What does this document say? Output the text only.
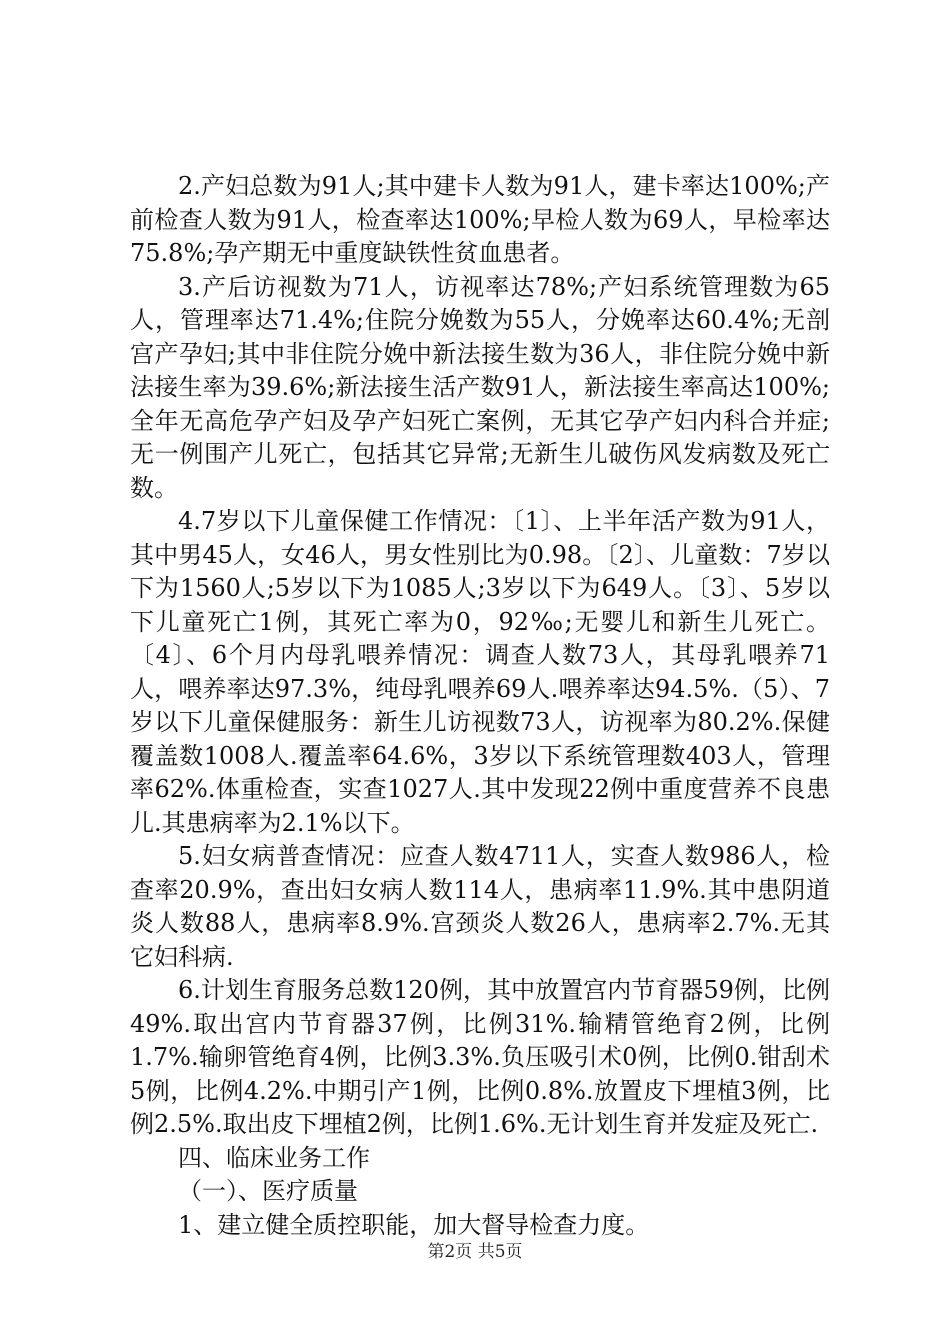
2.产妇总数为91人;其中建卡人数为91人，建卡率达100%;产前检查人数为91人，检查率达100%;早检人数为69人，早检率达75.8%;孕产期无中重度缺铁性贫血患者。

3.产后访视数为71人，访视率达78%;产妇系统管理数为65人，管理率达71.4%;住院分娩数为55人，分娩率达60.4%;无剖宫产孕妇;其中非住院分娩中新法接生数为36人，非住院分娩中新法接生率为39.6%;新法接生活产数91人，新法接生率高达100%;全年无高危孕产妇及孕产妇死亡案例，无其它孕产妇内科合并症;无一例围产儿死亡，包括其它异常;无新生儿破伤风发病数及死亡数。

4.7岁以下儿童保健工作情况：〔1〕、上半年活产数为91人，其中男45人，女46人，男女性别比为0.98。〔2〕、儿童数：7岁以下为1560人;5岁以下为1085人;3岁以下为649人。〔3〕、5岁以下儿童死亡1例，其死亡率为0，92‰;无婴儿和新生儿死亡。〔4〕、6个月内母乳喂养情况：调查人数73人，其母乳喂养71人，喂养率达97.3%，纯母乳喂养69人.喂养率达94.5%.（5）、7岁以下儿童保健服务：新生儿访视数73人，访视率为80.2%.保健覆盖数1008人.覆盖率64.6%，3岁以下系统管理数403人，管理率62%.体重检查，实查1027人.其中发现22例中重度营养不良患儿.其患病率为2.1%以下。

5.妇女病普查情况：应查人数4711人，实查人数986人，检查率20.9%，查出妇女病人数114人，患病率11.9%.其中患阴道炎人数88人，患病率8.9%.宫颈炎人数26人，患病率2.7%.无其它妇科病.

6.计划生育服务总数120例，其中放置宫内节育器59例，比例49%.取出宫内节育器37例，比例31%.输精管绝育2例，比例1.7%.输卵管绝育4例，比例3.3%.负压吸引术0例，比例0.钳刮术5例，比例4.2%.中期引产1例，比例0.8%.放置皮下埋植3例，比例2.5%.取出皮下埋植2例，比例1.6%.无计划生育并发症及死亡.

四、临床业务工作

（一）、医疗质量

1、建立健全质控职能，加大督导检查力度。

第2页 共5页
